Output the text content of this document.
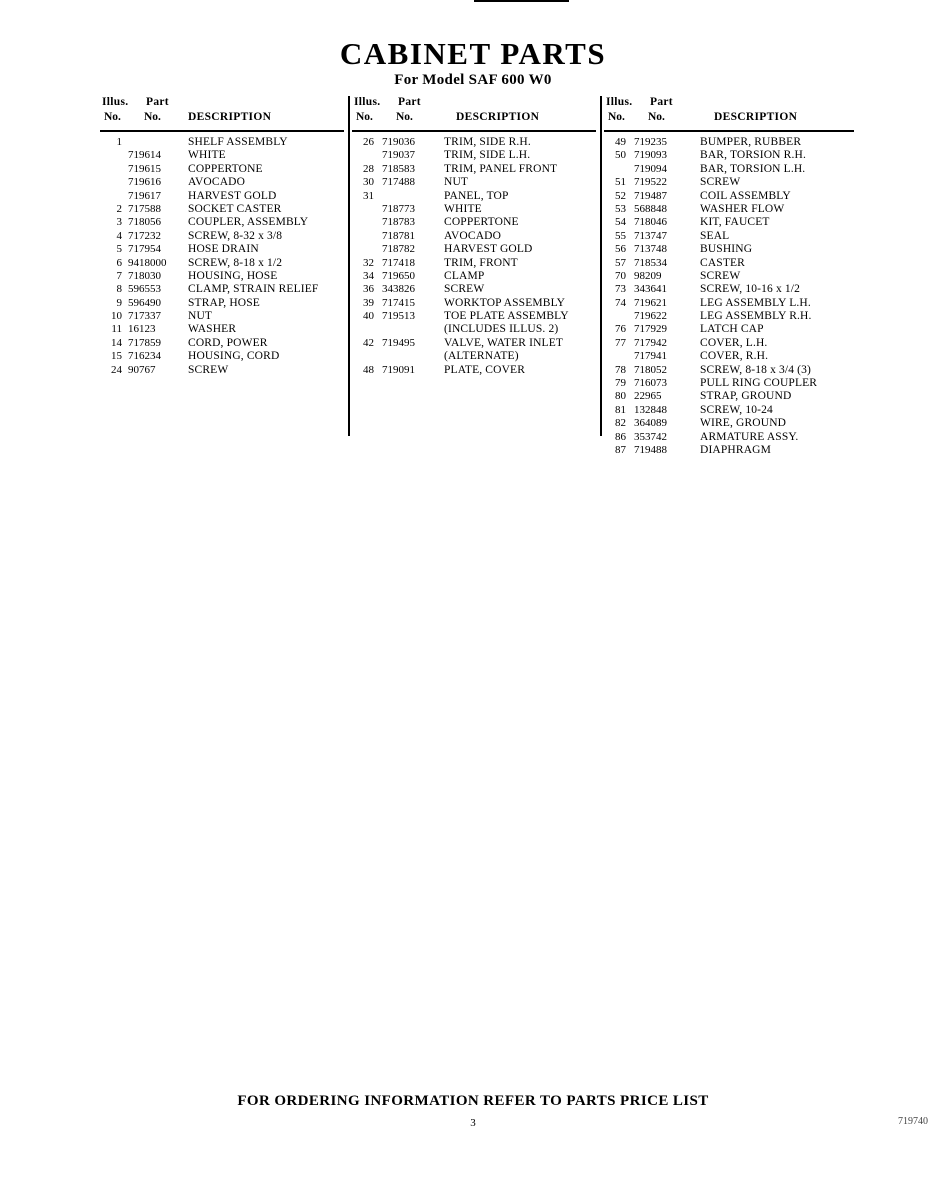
CABINET PARTS
For Model SAF 600 W0
Illus. Part
No. No. DESCRIPTION
1	SHELF ASSEMBLY
719614	WHITE
719615	COPPERTONE
719616	AVOCADO
719617	HARVEST GOLD
2 717588	SOCKET CASTER
3 718056	COUPLER, ASSEMBLY
4 717232	SCREW, 8-32 x 3/8
5 717954	HOSE DRAIN
6 9418000	SCREW, 8-18 x 1/2
7 718030	HOUSING, HOSE
8 596553	CLAMP, STRAIN RELIEF
9 596490	STRAP, HOSE
10 717337	NUT
11 16123	WASHER
14 717859	CORD, POWER
15 716234	HOUSING, CORD
24 90767	SCREW
Illus. Part
No. No.	DESCRIPTION
26 719036	TRIM, SIDE R.H.
719037	TRIM, SIDE L.H.
28 718583	TRIM, PANEL FRONT
30 717488	NUT
31	PANEL, TOP
718773	WHITE
718783	COPPERTONE
718781	AVOCADO
718782	HARVEST GOLD
32 717418	TRIM, FRONT
34 719650	CLAMP
36 343826	SCREW
39 717415	WORKTOP ASSEMBLY
40 719513	TOE PLATE ASSEMBLY
(INCLUDES ILLUS. 2)
42 719495	VALVE, WATER INLET
(ALTERNATE)
48 719091	PLATE, COVER
Illus. Part
No. No.	DESCRIPTION
49 719235	BUMPER, RUBBER
50 719093	BAR, TORSION R.H.
719094	BAR, TORSION L.H.
51 719522	SCREW
52 719487	COIL ASSEMBLY
53 568848	WASHER FLOW
54 718046	KIT, FAUCET
55 713747	SEAL
56 713748	BUSHING
57 718534	CASTER
70 98209	SCREW
73 343641	SCREW, 10-16 x 1/2
74 719621	LEG ASSEMBLY L.H.
719622	LEG ASSEMBLY R.H.
76 717929	LATCH CAP
77 717942	COVER, L.H.
717941	COVER, R.H.
78 718052	SCREW, 8-18 x 3/4 (3)
79 716073	PULL RING COUPLER
80 22965	STRAP, GROUND
81 132848	SCREW, 10-24
82 364089	WIRE, GROUND
86 353742	ARMATURE ASSY.
87 719488	DIAPHRAGM
FOR ORDERING INFORMATION REFER TO PARTS PRICE LIST
3	719740
